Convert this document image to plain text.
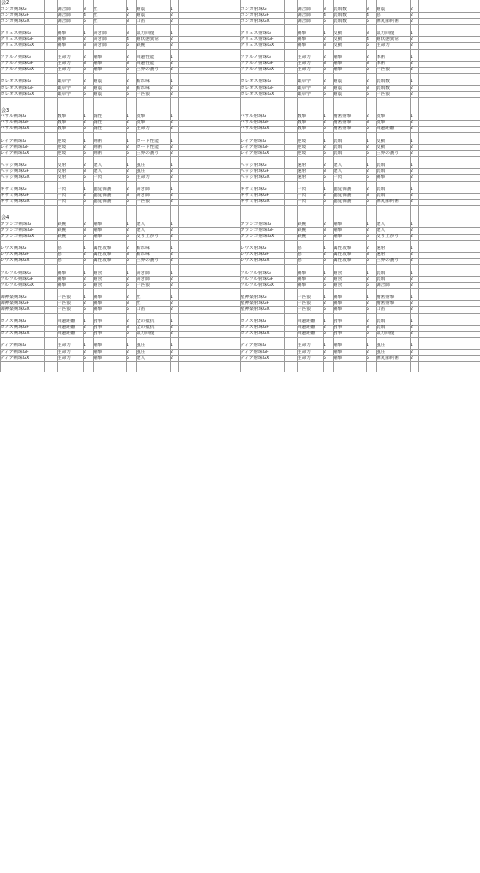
会2
コンガ剣珠G	調合師	3	匠	1	耐震	1	コンガ射珠G	調合師	3	装填数	3	耐震	2
コンガ剣珠GF	調合師	4	匠	2	耐震	2	コンガ射珠GF	調合師	4	装填数	4	怒	2
コンガ剣珠GX	調合師	5	匠	3	口笛	2	コンガ射珠GX	調合師	5	装填数	5	弾丸節約術	2
グリュス剣珠G	痛撃	1	研ぎ師	3	気力回復	1	グリュス射珠G	痛撃	1	反動	3	気力回復	1
グリュス剣珠GF	痛撃	2	研ぎ師	4	耐状態異常	2	グリュス射珠GF	痛撃	2	反動	4	耐状態異常	2
グリュス剣珠GX	痛撃	3	研ぎ師	5	鉄腕	2	グリュス射珠GX	痛撃	3	反動	5	生命力	2
ファルノ剣珠G	生命力	2	剛撃	2	回避性能	1	ファルノ射珠G	生命力	2	剛撃	2	体術	1
ファルノ剣珠GF	生命力	3	剛撃	3	回避性能	2	ファルノ射珠GF	生命力	3	剛撃	3	体術	2
ファルノ剣珠GX	生命力	5	剛撃	5	三界の護り	2	ファルノ射珠GX	生命力	5	剛撃	5	一匹狼	2
ガレオス剣珠G	薬草学	2	耐震	2	斬れ味	1	ガレオス射珠G	薬草学	2	耐震	2	装填数	1
ガレオス剣珠GF	薬草学	3	耐震	3	斬れ味	2	ガレオス射珠GF	薬草学	3	耐震	3	装填数	2
ガレオス剣珠GX	薬草学	5	耐震	5	一匹狼	2	ガレオス射珠GX	薬草学	5	耐震	5	一匹狼	2
会3
バサル剣珠G	数撃	1	闘性	1	攻撃	1	バサル射珠G	数撃	1	精密射撃	2	攻撃	1
バサル剣珠GF	数撃	2	闘性	2	攻撃	2	バサル射珠GF	数撃	2	精密射撃	3	攻撃	2
バサル剣珠GX	数撃	5	闘性	5	生命力	2	バサル射珠GX	数撃	5	精密射撃	5	回避距離	2
レイア剣珠G	逆境	1	剣術	1	ガード性能	1	レイア射珠G	逆境	1	装填	1	反動	1
レイア剣珠GF	逆境	2	剣術	2	ガード性能	2	レイア射珠GF	逆境	2	装填	2	反動	2
レイア剣珠GX	逆境	5	剣術	5	三界の護り	2	レイア射珠GX	逆境	5	装填	5	三界の護り	2
ヘッジ剣珠G	反射	2	達人	1	風圧	1	ヘッジ射珠G	速射	2	達人	1	装填	1
ヘッジ剣珠GF	反射	3	達人	2	風圧	2	ヘッジ射珠GF	速射	3	達人	2	装填	2
ヘッジ剣珠GX	反射	5	一閃	5	生命力	2	ヘッジ射珠GX	速射	5	一閃	5	痛撃	2
ギザミ剣珠G	一閃	1	聴覚保護	2	研ぎ師	1	ギザミ射珠G	一閃	1	聴覚保護	2	装填	1
ギザミ剣珠GF	一閃	2	聴覚保護	3	研ぎ師	2	ギザミ射珠GF	一閃	2	聴覚保護	3	装填	2
ギザミ剣珠GX	一閃	5	聴覚保護	5	一匹狼	2	ギザミ射珠GX	一閃	5	聴覚保護	5	弾丸節約術	2
会4
ブランゴ剣珠G	鉄腕	2	剛撃	1	達人	1	ブランゴ射珠G	鉄腕	2	剛撃	1	達人	1
ブランゴ剣珠GF	鉄腕	3	剛撃	2	達人	2	ブランゴ射珠GF	鉄腕	3	剛撃	2	達人	2
ブランゴ剣珠GX	鉄腕	5	剛撃	5	反り上がり	2	ブランゴ射珠GX	鉄腕	5	剛撃	5	反り上がり	2
レウス剣珠G	怒	1	属性攻撃	2	斬れ味	1	レウス射珠G	怒	1	属性攻撃	2	速射	1
レウス剣珠GF	怒	2	属性攻撃	3	斬れ味	2	レウス射珠GF	怒	2	属性攻撃	3	速射	2
レウス剣珠GX	怒	5	属性攻撃	5	三界の護り	2	レウス射珠GX	怒	5	属性攻撃	5	三界の護り	2
フルフル剣珠G	痛撃	1	耐食	1	研ぎ師	1	フルフル射珠G	痛撃	1	耐食	1	装填	1
フルフル剣珠GF	痛撃	2	耐食	2	研ぎ師	2	フルフル射珠GF	痛撃	2	耐食	2	装填	2
フルフル剣珠GX	痛撃	5	耐食	5	一匹狼	2	フルフル射珠GX	痛撃	5	耐食	5	調合師	2
御神楽剣珠G	一匹狼	1	痛撃	2	匠	1	星神楽射珠G	一匹狼	1	痛撃	1	精密射撃	1
御神楽剣珠GF	一匹狼	2	痛撃	3	匠	2	星神楽射珠GF	一匹狼	2	痛撃	2	精密射撃	2
御神楽剣珠GX	一匹狼	5	痛撃	5	口笛	2	星神楽射珠GX	一匹狼	5	痛撃	5	口笛	2
ガノス剣珠G	回避距離	1	食事	2	全の抵抗	1	ガノス射珠G	回避距離	1	食事	2	装填	1
ガノス剣珠GF	回避距離	2	食事	3	全の抵抗	2	ガノス射珠GF	回避距離	2	食事	3	装填	2
ガノス剣珠GX	回避距離	5	食事	5	気力回復	2	ガノス射珠GX	回避距離	5	食事	5	気力回復	2
ディア剣珠G	生命力	1	剛撃	1	風圧	1	ディア射珠G	生命力	1	剛撃	1	風圧	1
ディア剣珠GF	生命力	2	剛撃	2	風圧	2	ディア射珠GF	生命力	2	剛撃	2	風圧	2
ディア剣珠GX	生命力	5	剛撃	5	達人	2	ディア射珠GX	生命力	5	剛撃	5	弾丸節約術	2
